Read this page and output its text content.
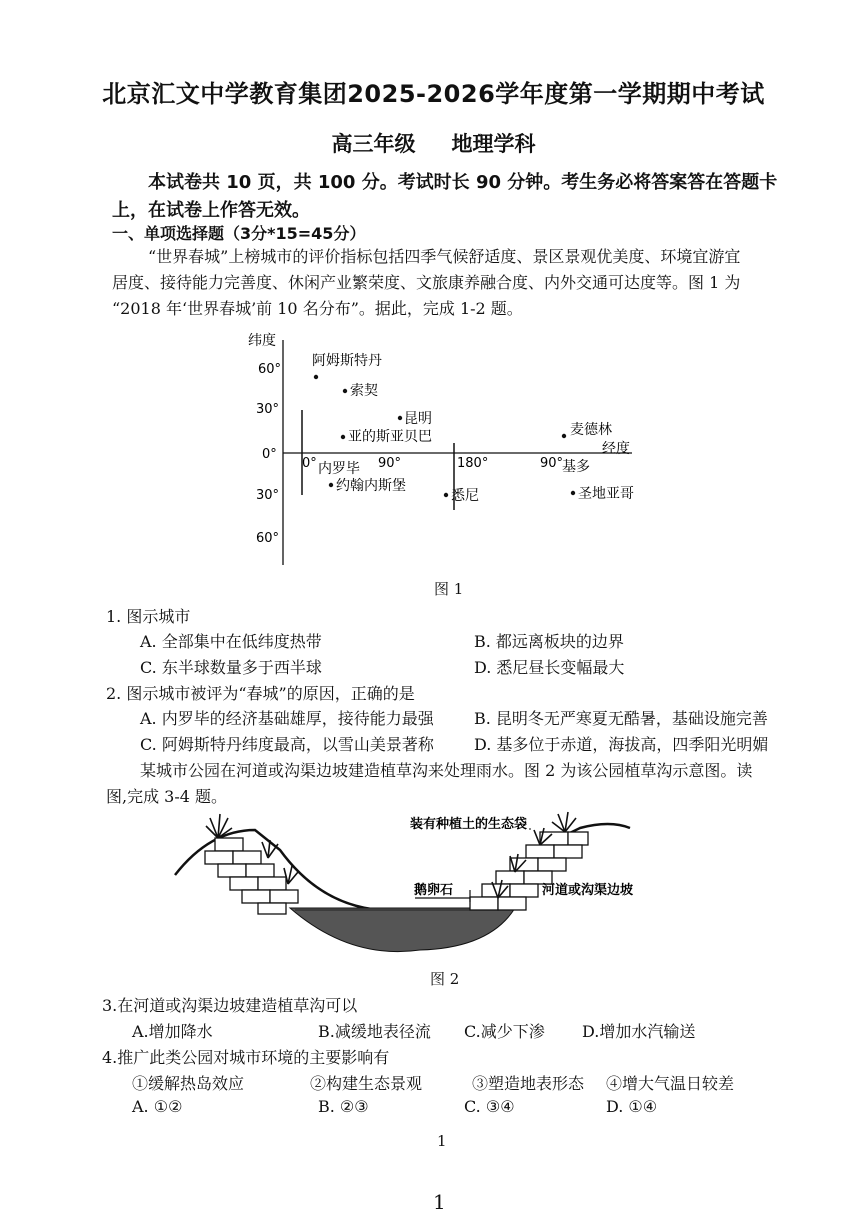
北京汇文中学教育集团2025-2026学年度第一学期期中考试
高三年级 地理学科
本试卷共 10 页，共 100 分。考试时长 90 分钟。考生务必将答案答在答题卡
上，在试卷上作答无效。
一、单项选择题（3分*15=45分）
“世界春城”上榜城市的评价指标包括四季气候舒适度、景区景观优美度、环境宜游宜
居度、接待能力完善度、休闲产业繁荣度、文旅康养融合度、内外交通可达度等。图 1 为
“2018 年‘世界春城’前 10 名分布”。据此，完成 1-2 题。
纬度
经度
60°
30°
0°
30°
60°
0°	90°	180°	90°
阿姆斯特丹
索契
昆明
亚的斯亚贝巴	麦德林
基多
内罗毕
约翰内斯堡
悉尼	圣地亚哥
图 1
1. 图示城市
A. 全部集中在低纬度热带	B. 都远离板块的边界
C. 东半球数量多于西半球	D. 悉尼昼长变幅最大
2. 图示城市被评为“春城”的原因，正确的是
A. 内罗毕的经济基础雄厚，接待能力最强	B. 昆明冬无严寒夏无酷暑，基础设施完善
C. 阿姆斯特丹纬度最高，以雪山美景著称	D. 基多位于赤道，海拔高，四季阳光明媚
某城市公园在河道或沟渠边坡建造植草沟来处理雨水。图 2 为该公园植草沟示意图。读
图,完成 3-4 题。
装有种植土的生态袋
鹅卵石	河道或沟渠边坡
图 2
3.在河道或沟渠边坡建造植草沟可以
A.增加降水	B.减缓地表径流 C.减少下渗 D.增加水汽输送
4.推广此类公园对城市环境的主要影响有
①缓解热岛效应	②构建生态景观	③塑造地表形态 ④增大气温日较差
A. ①②	B. ②③	C. ③④	D. ①④
1
1
